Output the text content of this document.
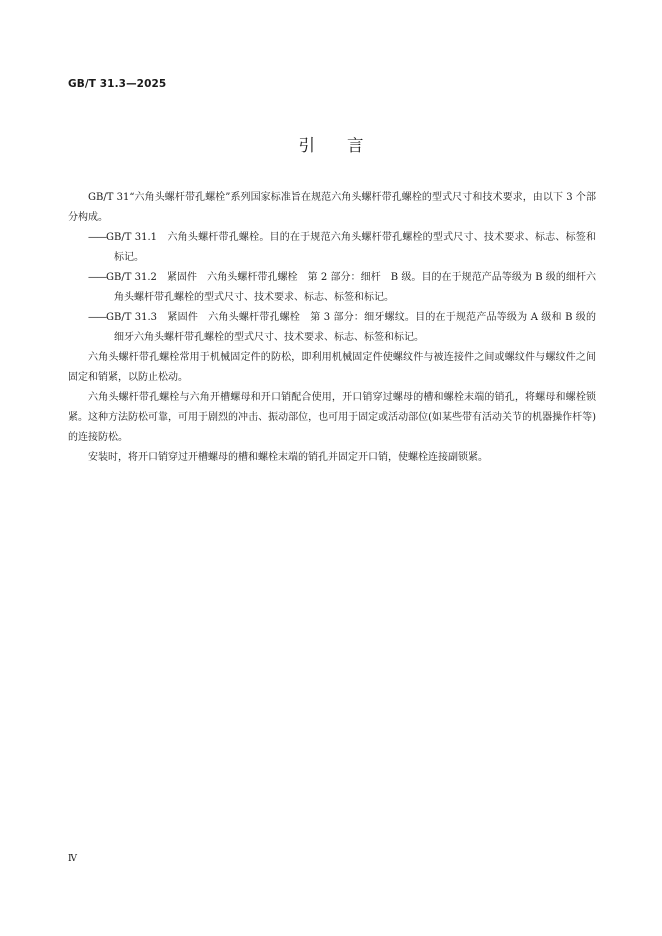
GB/T 31.3—2025
引言

GB/T 31“六角头螺杆带孔螺栓”系列国家标准旨在规范六角头螺杆带孔螺栓的型式尺寸和技术要求，由以下 3 个部分构成。

——GB/T 31.1　六角头螺杆带孔螺栓。目的在于规范六角头螺杆带孔螺栓的型式尺寸、技术要求、标志、标签和标记。

——GB/T 31.2　紧固件　六角头螺杆带孔螺栓　第 2 部分：细杆　B 级。目的在于规范产品等级为 B 级的细杆六角头螺杆带孔螺栓的型式尺寸、技术要求、标志、标签和标记。

——GB/T 31.3　紧固件　六角头螺杆带孔螺栓　第 3 部分：细牙螺纹。目的在于规范产品等级为 A 级和 B 级的细牙六角头螺杆带孔螺栓的型式尺寸、技术要求、标志、标签和标记。

六角头螺杆带孔螺栓常用于机械固定件的防松，即利用机械固定件使螺纹件与被连接件之间或螺纹件与螺纹件之间固定和销紧，以防止松动。

六角头螺杆带孔螺栓与六角开槽螺母和开口销配合使用，开口销穿过螺母的槽和螺栓末端的销孔，将螺母和螺栓锁紧。这种方法防松可靠，可用于剧烈的冲击、振动部位，也可用于固定或活动部位(如某些带有活动关节的机器操作杆等)的连接防松。

安装时，将开口销穿过开槽螺母的槽和螺栓末端的销孔并固定开口销，使螺栓连接副锁紧。

Ⅳ
